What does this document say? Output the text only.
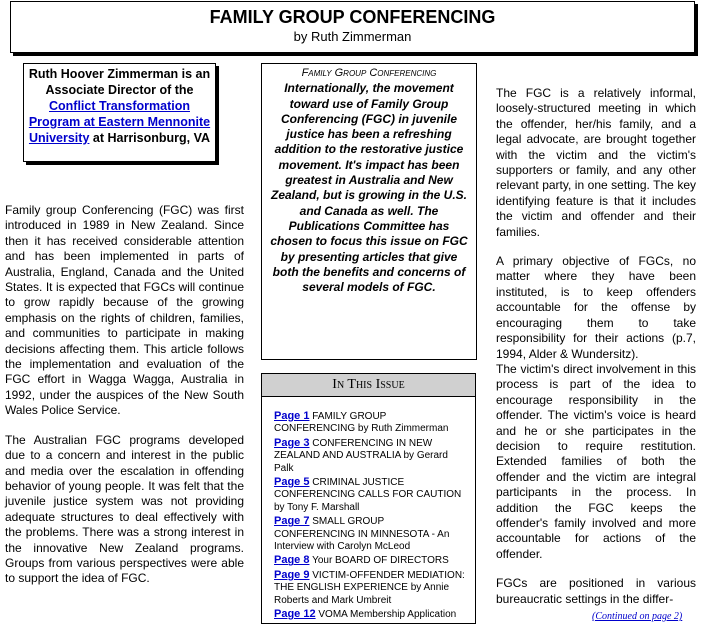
FAMILY GROUP CONFERENCING
by Ruth Zimmerman
Ruth Hoover Zimmerman is an Associate Director of the
Conflict Transformation Program at Eastern Mennonite University at Harrisonburg, VA

Family group Conferencing (FGC) was first introduced in 1989 in New Zealand. Since then it has received considerable attention and has been implemented in parts of Australia, England, Canada and the United States. It is expected that FGCs will continue to grow rapidly because of the growing emphasis on the rights of children, families, and communities to participate in making decisions affecting them. This article follows the implementation and evaluation of the FGC effort in Wagga Wagga, Australia in 1992, under the auspices of the New South Wales Police Service.

The Australian FGC programs developed due to a concern and interest in the public and media over the escalation in offending behavior of young people. It was felt that the juvenile justice system was not providing adequate structures to deal effectively with the problems. There was a strong interest in the innovative New Zealand programs. Groups from various perspectives were able to support the idea of FGC.

Family Group Conferencing
Internationally, the movement toward use of Family Group Conferencing (FGC) in juvenile justice has been a refreshing addition to the restorative justice movement. It's impact has been greatest in Australia and New Zealand, but is growing in the U.S. and Canada as well. The Publications Committee has chosen to focus this issue on FGC by presenting articles that give both the benefits and concerns of several models of FGC.
In This Issue
Page 1 FAMILY GROUP CONFERENCING by Ruth Zimmerman
Page 3 CONFERENCING IN NEW ZEALAND AND AUSTRALIA by Gerard Palk
Page 5 CRIMINAL JUSTICE CONFERENCING CALLS FOR CAUTION by Tony F. Marshall
Page 7 SMALL GROUP CONFERENCING IN MINNESOTA - An Interview with Carolyn McLeod
Page 8 Your BOARD OF DIRECTORS
Page 9 VICTIM-OFFENDER MEDIATION: THE ENGLISH EXPERIENCE by Annie Roberts and Mark Umbreit
Page 12 VOMA Membership Application

The FGC is a relatively informal, loosely-structured meeting in which the offender, her/his family, and a legal advocate, are brought together with the victim and the victim's supporters or family, and any other relevant party, in one setting. The key identifying feature is that it includes the victim and offender and their families.

A primary objective of FGCs, no matter where they have been instituted, is to keep offenders accountable for the offense by encouraging them to take responsibility for their actions (p.7, 1994, Alder & Wundersitz).

The victim's direct involvement in this process is part of the idea to encourage responsibility in the offender. The victim's voice is heard and he or she participates in the decision to require restitution. Extended families of both the offender and the victim are integral participants in the process. In addition the FGC keeps the offender's family involved and more accountable for actions of the offender.

FGCs are positioned in various bureaucratic settings in the differ-

(Continued on page 2)
